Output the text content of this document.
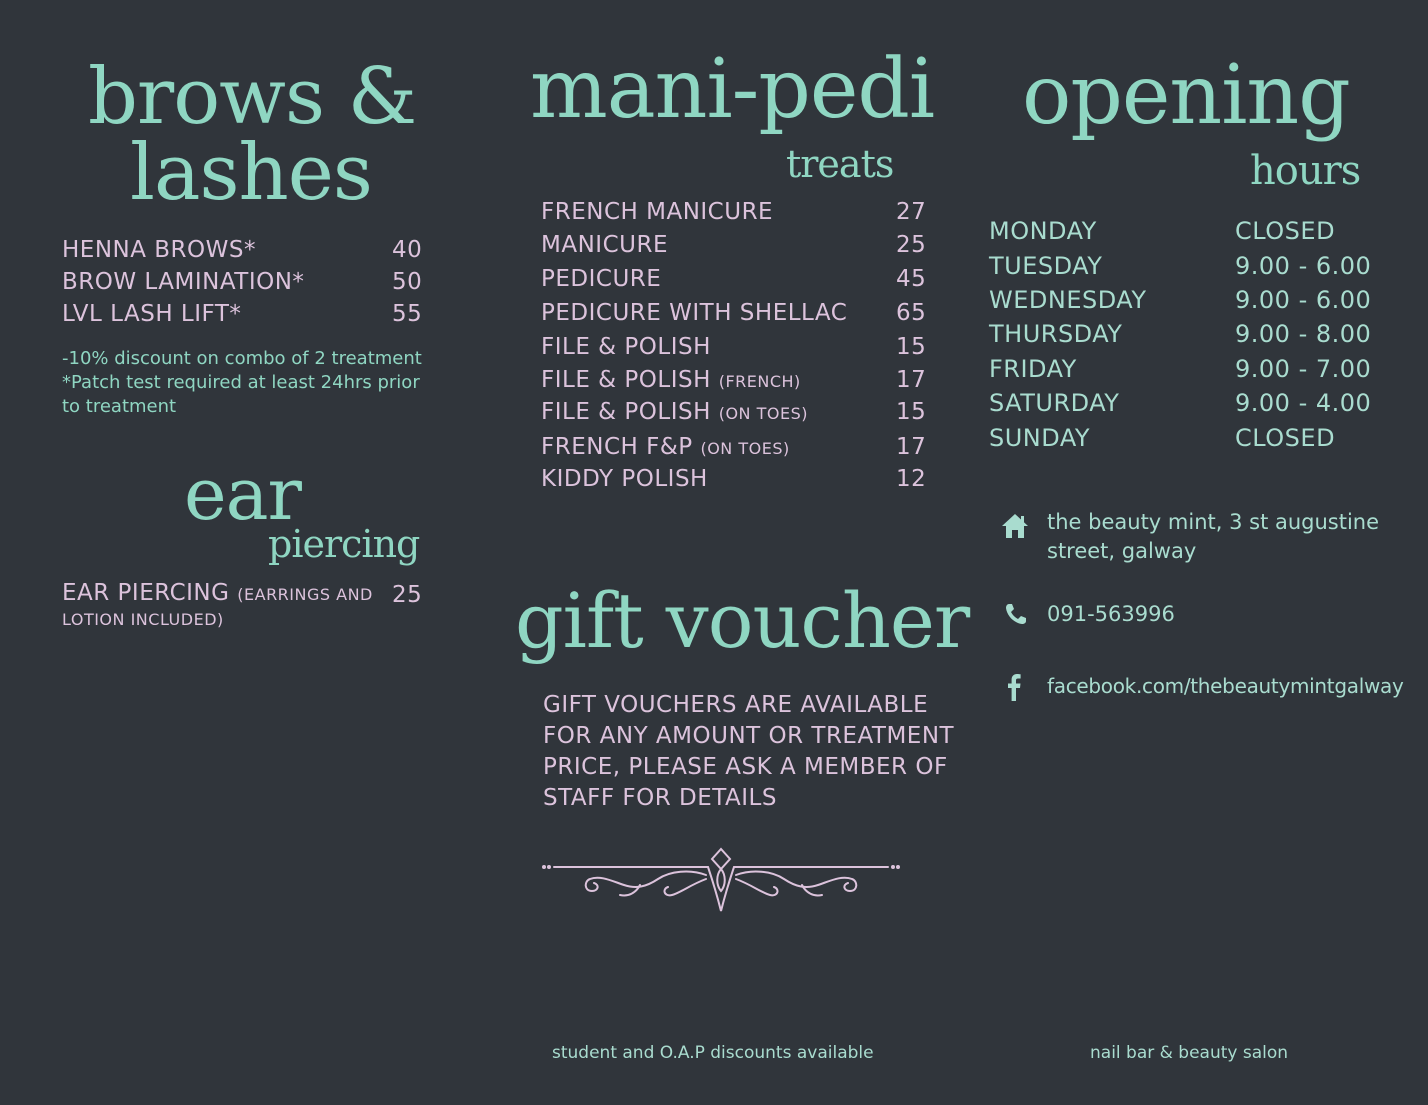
brows &
lashes
HENNA BROWS*	40
BROW LAMINATION*	50
LVL LASH LIFT*	55
-10% discount on combo of 2 treatment
*Patch test required at least 24hrs prior
to treatment
ear
piercing
EAR PIERCING (EARRINGS AND
LOTION INCLUDED)
25
mani-pedi
treats
FRENCH MANICURE	27
MANICURE	25
PEDICURE	45
PEDICURE WITH SHELLAC 65
FILE & POLISH	15
FILE & POLISH (FRENCH)	17
FILE & POLISH (ON TOES)	15
FRENCH F&P (ON TOES)	17
KIDDY POLISH	12
gift voucher
GIFT VOUCHERS ARE AVAILABLE
FOR ANY AMOUNT OR TREATMENT
PRICE, PLEASE ASK A MEMBER OF
STAFF FOR DETAILS
opening
hours
MONDAY	CLOSED
TUESDAY	9.00 - 6.00
WEDNESDAY	9.00 - 6.00
THURSDAY	9.00 - 8.00
FRIDAY	9.00 - 7.00
SATURDAY	9.00 - 4.00
SUNDAY	CLOSED
the beauty mint, 3 st augustine
street, galway
091-563996
facebook.com/thebeautymintgalway
student and O.A.P discounts available	nail bar & beauty salon
